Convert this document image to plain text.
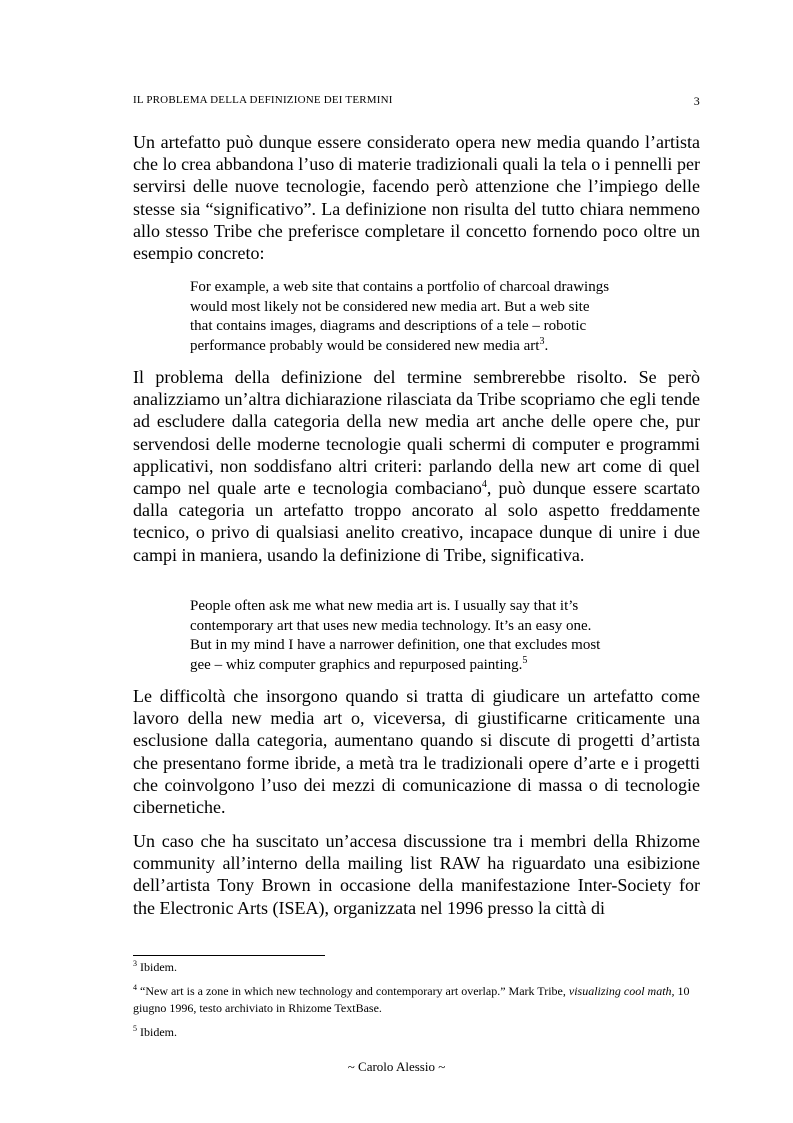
IL PROBLEMA DELLA DEFINIZIONE DEI TERMINI	3

Un artefatto può dunque essere considerato opera new media quando l’artista che lo crea abbandona l’uso di materie tradizionali quali la tela o i pennelli per servirsi delle nuove tecnologie, facendo però attenzione che l’impiego delle stesse sia “significativo”. La definizione non risulta del tutto chiara nemmeno allo stesso Tribe che preferisce completare il concetto fornendo poco oltre un esempio concreto:

For example, a web site that contains a portfolio of charcoal drawings
would most likely not be considered new media art. But a web site
that contains images, diagrams and descriptions of a tele – robotic
performance probably would be considered new media art$^3$.

Il problema della definizione del termine sembrerebbe risolto. Se però analizziamo un’altra dichiarazione rilasciata da Tribe scopriamo che egli tende ad escludere dalla categoria della new media art anche delle opere che, pur servendosi delle moderne tecnologie quali schermi di computer e programmi applicativi, non soddisfano altri criteri: parlando della new art come di quel campo nel quale arte e tecnologia combaciano$^4$, può dunque essere scartato dalla categoria un artefatto troppo ancorato al solo aspetto freddamente tecnico, o privo di qualsiasi anelito creativo, incapace dunque di unire i due campi in maniera, usando la definizione di Tribe, significativa.

People often ask me what new media art is. I usually say that it’s
contemporary art that uses new media technology. It’s an easy one.
But in my mind I have a narrower definition, one that excludes most
gee – whiz computer graphics and repurposed painting.$^5$

Le difficoltà che insorgono quando si tratta di giudicare un artefatto come lavoro della new media art o, viceversa, di giustificarne criticamente una esclusione dalla categoria, aumentano quando si discute di progetti d’artista che presentano forme ibride, a metà tra le tradizionali opere d’arte e i progetti che coinvolgono l’uso dei mezzi di comunicazione di massa o di tecnologie cibernetiche.

Un caso che ha suscitato un’accesa discussione tra i membri della Rhizome community all’interno della mailing list RAW ha riguardato una esibizione dell’artista Tony Brown in occasione della manifestazione Inter-Society for the Electronic Arts (ISEA), organizzata nel 1996 presso la città di

$^3$ Ibidem.

$^4$ “New art is a zone in which new technology and contemporary art overlap.” Mark Tribe, visualizing cool math, 10 giugno 1996, testo archiviato in Rhizome TextBase.

$^5$ Ibidem.

~ Carolo Alessio ~
